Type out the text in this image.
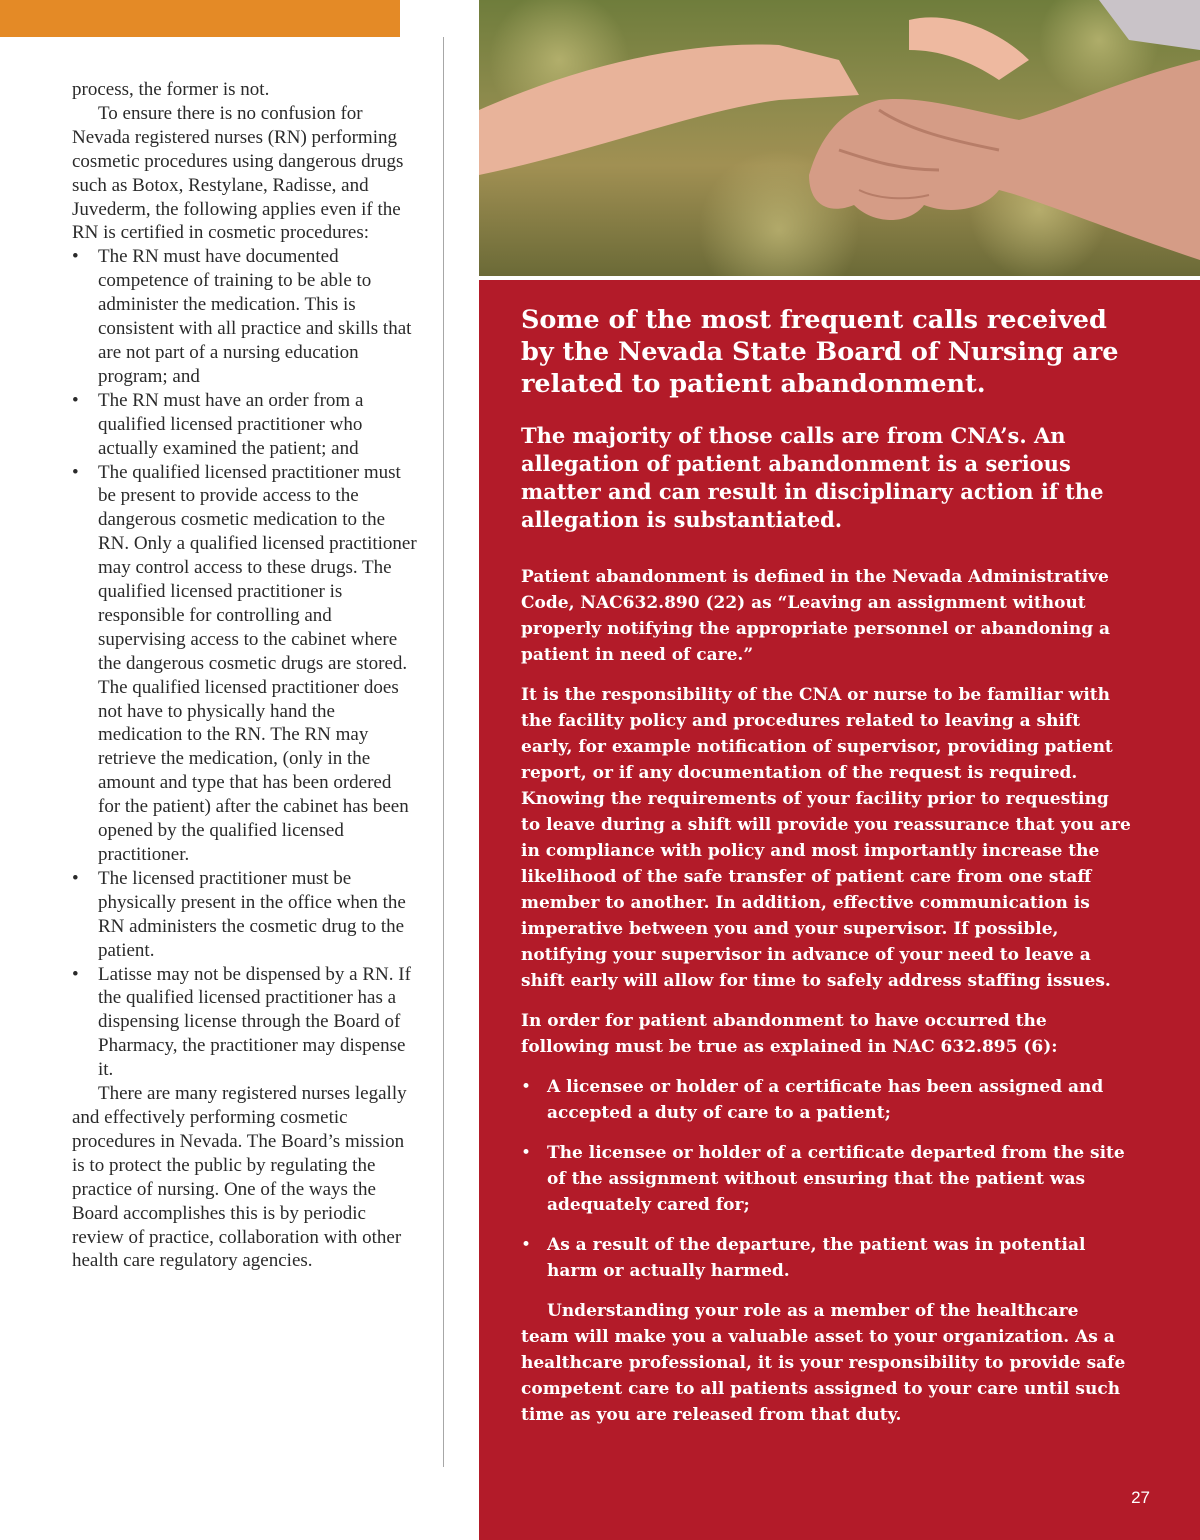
process, the former is not.

To ensure there is no confusion for Nevada registered nurses (RN) performing cosmetic procedures using dangerous drugs such as Botox, Restylane, Radisse, and Juvederm, the following applies even if the RN is certified in cosmetic procedures:

• The RN must have documented competence of training to be able to administer the medication. This is consistent with all practice and skills that are not part of a nursing education program; and
• The RN must have an order from a qualified licensed practitioner who actually examined the patient; and
• The qualified licensed practitioner must be present to provide access to the dangerous cosmetic medication to the RN. Only a qualified licensed practitioner may control access to these drugs. The qualified licensed practitioner is responsible for controlling and supervising access to the cabinet where the dangerous cosmetic drugs are stored. The qualified licensed practitioner does not have to physically hand the medication to the RN. The RN may retrieve the medication, (only in the amount and type that has been ordered for the patient) after the cabinet has been opened by the qualified licensed practitioner.
• The licensed practitioner must be physically present in the office when the RN administers the cosmetic drug to the patient.
• Latisse may not be dispensed by a RN. If the qualified licensed practitioner has a dispensing license through the Board of Pharmacy, the practitioner may dispense it.

There are many registered nurses legally and effectively performing cosmetic procedures in Nevada. The Board’s mission is to protect the public by regulating the practice of nursing. One of the ways the Board accomplishes this is by periodic review of practice, collaboration with other health care regulatory agencies.

Some of the most frequent calls received by the Nevada State Board of Nursing are related to patient abandonment.

The majority of those calls are from CNA’s. An allegation of patient abandonment is a serious matter and can result in disciplinary action if the allegation is substantiated.

Patient abandonment is defined in the Nevada Administrative Code, NAC632.890 (22) as “Leaving an assignment without properly notifying the appropriate personnel or abandoning a patient in need of care.”

It is the responsibility of the CNA or nurse to be familiar with the facility policy and procedures related to leaving a shift early, for example notification of supervisor, providing patient report, or if any documentation of the request is required. Knowing the requirements of your facility prior to requesting to leave during a shift will provide you reassurance that you are in compliance with policy and most importantly increase the likelihood of the safe transfer of patient care from one staff member to another. In addition, effective communication is imperative between you and your supervisor. If possible, notifying your supervisor in advance of your need to leave a shift early will allow for time to safely address staffing issues.

In order for patient abandonment to have occurred the following must be true as explained in NAC 632.895 (6):

• A licensee or holder of a certificate has been assigned and accepted a duty of care to a patient;
• The licensee or holder of a certificate departed from the site of the assignment without ensuring that the patient was adequately cared for;
• As a result of the departure, the patient was in potential harm or actually harmed.

Understanding your role as a member of the healthcare team will make you a valuable asset to your organization. As a healthcare professional, it is your responsibility to provide safe competent care to all patients assigned to your care until such time as you are released from that duty.

27
